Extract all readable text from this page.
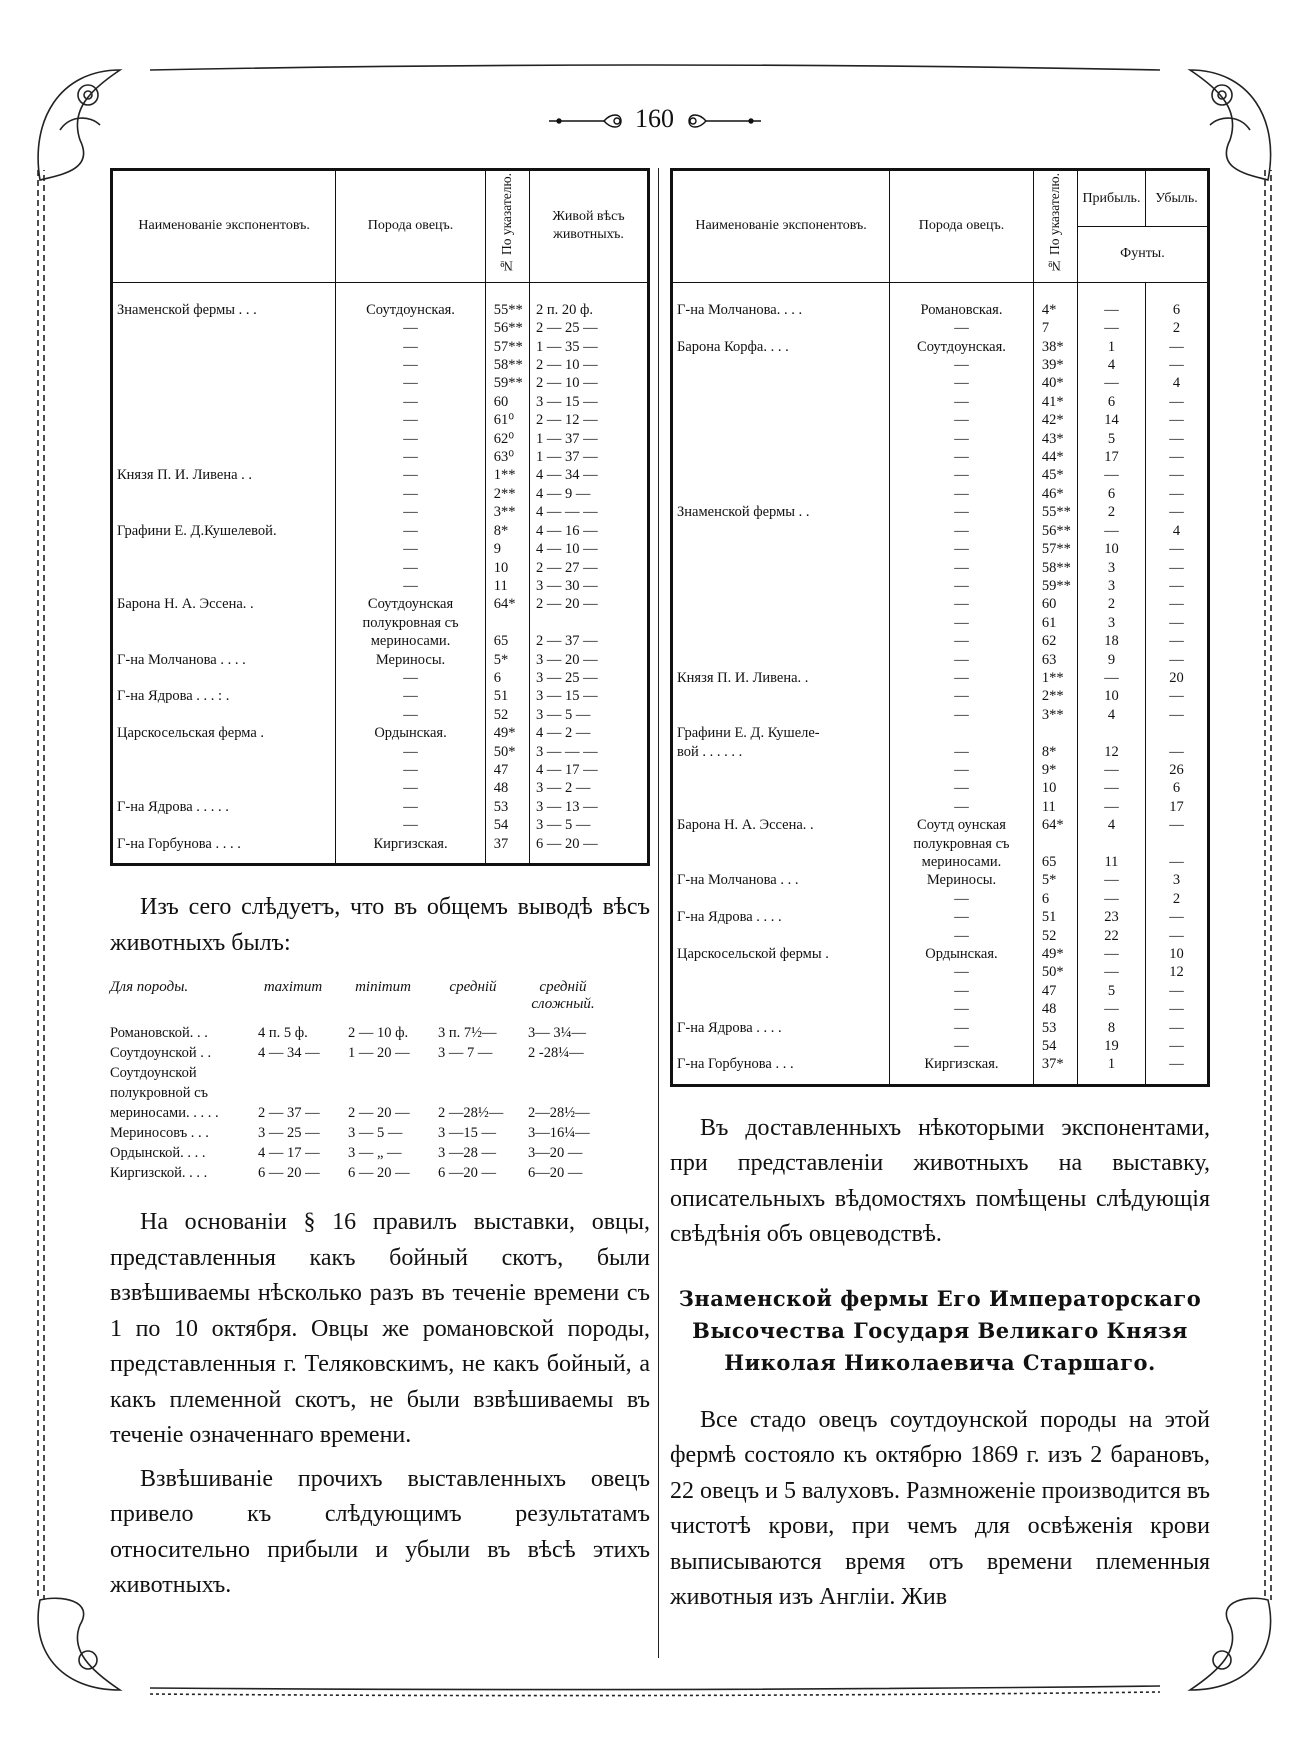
160
Наименованіе экспонентовъ.	Порода овецъ.	№ По указателю.	Живой вѣсъ животныхъ.

Знаменской фермы . . .	Соутдоунская.	55**	2 п. 20 ф.
	—	56**	2 — 25 —
	—	57**	1 — 35 —
	—	58**	2 — 10 —
	—	59**	2 — 10 —
	—	60	3 — 15 —
	—	61⁰	2 — 12 —
	—	62⁰	1 — 37 —
	—	63⁰	1 — 37 —
Князя П. И. Ливена . .	—	1**	4 — 34 —
	—	2**	4 — 9 —
	—	3**	4 — — —
Графини Е. Д.Кушелевой.	—	8*	4 — 16 —
	—	9	4 — 10 —
	—	10	2 — 27 —
	—	11	3 — 30 —
Барона Н. А. Эссена. .	Соутдоунская	64*	2 — 20 —
	полукровная съ		
	мериносами.	65	2 — 37 —
Г-на Молчанова . . . .	Мериносы.	5*	3 — 20 —
	—	6	3 — 25 —
Г-на Ядрова . . . : .	—	51	3 — 15 —
	—	52	3 — 5 —
Царскосельская ферма .	Ордынская.	49*	4 — 2 —
	—	50*	3 — — —
	—	47	4 — 17 —
	—	48	3 — 2 —
Г-на Ядрова . . . . .	—	53	3 — 13 —
	—	54	3 — 5 —
Г-на Горбунова . . . .	Киргизская.	37	6 — 20 —

Изъ сего слѣдуетъ, что въ общемъ выводѣ вѣсъ животныхъ былъ:

Для породы.	maximum	minimum	средній	средній сложный.
Романовской. . .	4 п. 5 ф.	2 — 10 ф.	3 п. 7½—	3— 3¼—
Соутдоунской . .	4 — 34 —	1 — 20 —	3 — 7 —	2 -28¼—
Соутдоунской полукровной съ мериносами. . . . .	2 — 37 —	2 — 20 —	2 —28½—	2—28½—
Мериносовъ . . .	3 — 25 —	3 — 5 —	3 —15 —	3—16¼—
Ордынской. . . .	4 — 17 —	3 — „ —	3 —28 —	3—20 —
Киргизской. . . .	6 — 20 —	6 — 20 —	6 —20 —	6—20 —

На основаніи § 16 правилъ выставки, овцы, представленныя какъ бойный скотъ, были взвѣшиваемы нѣсколько разъ въ теченіе времени съ 1 по 10 октября. Овцы же романовской породы, представленныя г. Теляковскимъ, не какъ бойный, а какъ племенной скотъ, не были взвѣшиваемы въ теченіе означеннаго времени.

Взвѣшиваніе прочихъ выставленныхъ овецъ привело къ слѣдующимъ результатамъ относительно прибыли и убыли въ вѣсѣ этихъ животныхъ.

Наименованіе экспонентовъ.	Порода овецъ.	№ По указателю.	Прибыль.	Убыль.
			Фунты.	

Г-на Молчанова. . . .	Романовская.	4*	—	6
	—	7	—	2
Барона Корфа. . . .	Соутдоунская.	38*	1	—
	—	39*	4	—
	—	40*	—	4
	—	41*	6	—
	—	42*	14	—
	—	43*	5	—
	—	44*	17	—
	—	45*	—	—
	—	46*	6	—
Знаменской фермы . .	—	55**	2	—
	—	56**	—	4
	—	57**	10	—
	—	58**	3	—
	—	59**	3	—
	—	60	2	—
	—	61	3	—
	—	62	18	—
	—	63	9	—
Князя П. И. Ливена. .	—	1**	—	20
	—	2**	10	—
	—	3**	4	—
Графини Е. Д. Кушеле-				
вой . . . . . .	—	8*	12	—
	—	9*	—	26
	—	10	—	6
	—	11	—	17
Барона Н. А. Эссена. .	Соутд оунская	64*	4	—
	полукровная съ			
	мериносами.	65	11	—
Г-на Молчанова . . .	Мериносы.	5*	—	3
	—	6	—	2
Г-на Ядрова . . . .	—	51	23	—
	—	52	22	—
Царскосельской фермы .	Ордынская.	49*	—	10
	—	50*	—	12
	—	47	5	—
	—	48	—	—
Г-на Ядрова . . . .	—	53	8	—
	—	54	19	—
Г-на Горбунова . . .	Киргизская.	37*	1	—

Въ доставленныхъ нѣкоторыми экспонентами, при представленіи животныхъ на выставку, описательныхъ вѣдомостяхъ помѣщены слѣдующія свѣдѣнія объ овцеводствѣ.

Знаменской фермы Его Императорскаго Высочества Государя Великаго Князя Николая Николаевича Старшаго.

Все стадо овецъ соутдоунской породы на этой фермѣ состояло къ октябрю 1869 г. изъ 2 барановъ, 22 овецъ и 5 валуховъ. Размноженіе производится въ чистотѣ крови, при чемъ для освѣженія крови выписываются время отъ времени племенныя животныя изъ Англіи. Жив
